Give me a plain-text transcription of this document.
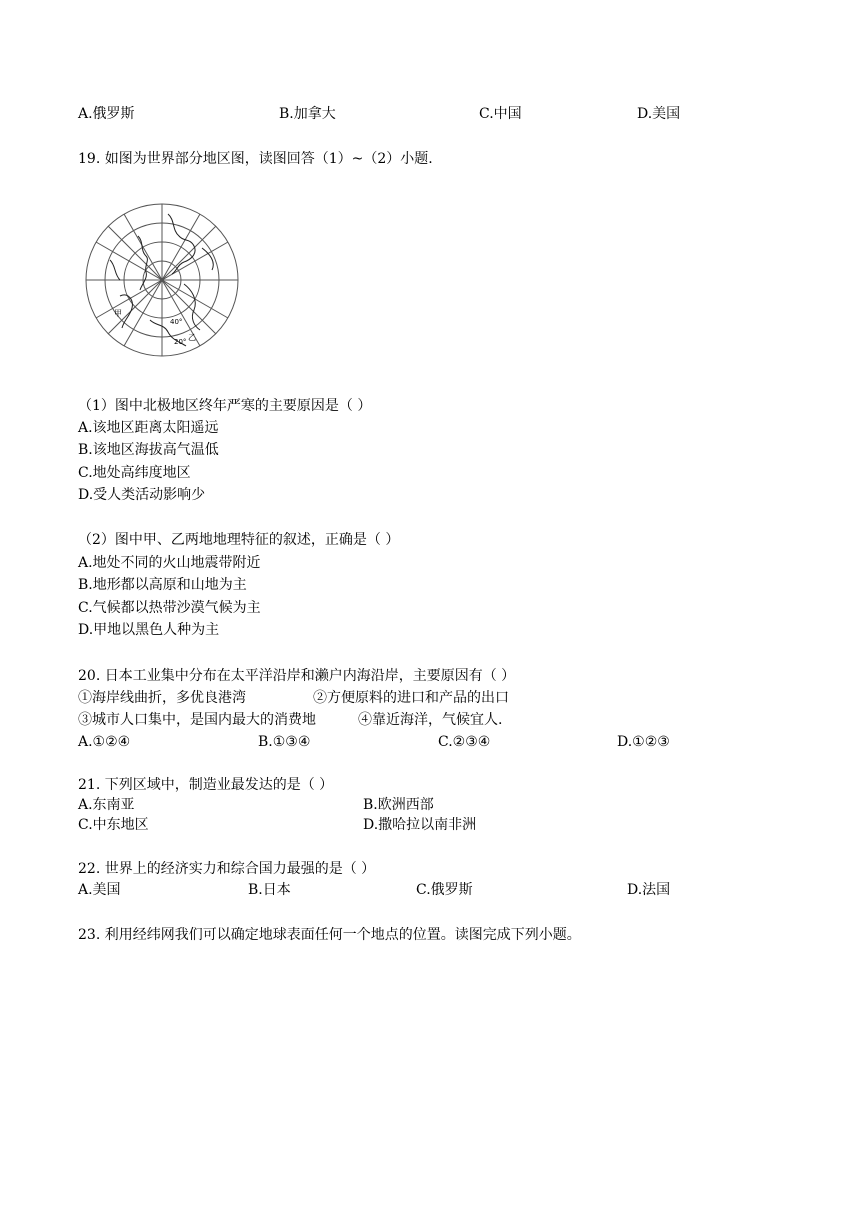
A.俄罗斯	B.加拿大	C.中国	D.美国
19. 如图为世界部分地区图，读图回答（1）~（2）小题.
甲
乙
40°
20°
（1）图中北极地区终年严寒的主要原因是（ ）
A.该地区距离太阳遥远
B.该地区海拔高气温低
C.地处高纬度地区
D.受人类活动影响少
（2）图中甲、乙两地地理特征的叙述，正确是（ ）
A.地处不同的火山地震带附近
B.地形都以高原和山地为主
C.气候都以热带沙漠气候为主
D.甲地以黑色人种为主
20. 日本工业集中分布在太平洋沿岸和濑户内海沿岸，主要原因有（ ）
①海岸线曲折，多优良港湾	②方便原料的进口和产品的出口
③城市人口集中，是国内最大的消费地	④靠近海洋，气候宜人.
A.①②④	B.①③④	C.②③④	D.①②③
21. 下列区域中，制造业最发达的是（ ）
A.东南亚	B.欧洲西部
C.中东地区	D.撒哈拉以南非洲
22. 世界上的经济实力和综合国力最强的是（ ）
A.美国	B.日本	C.俄罗斯	D.法国
23. 利用经纬网我们可以确定地球表面任何一个地点的位置。读图完成下列小题。
